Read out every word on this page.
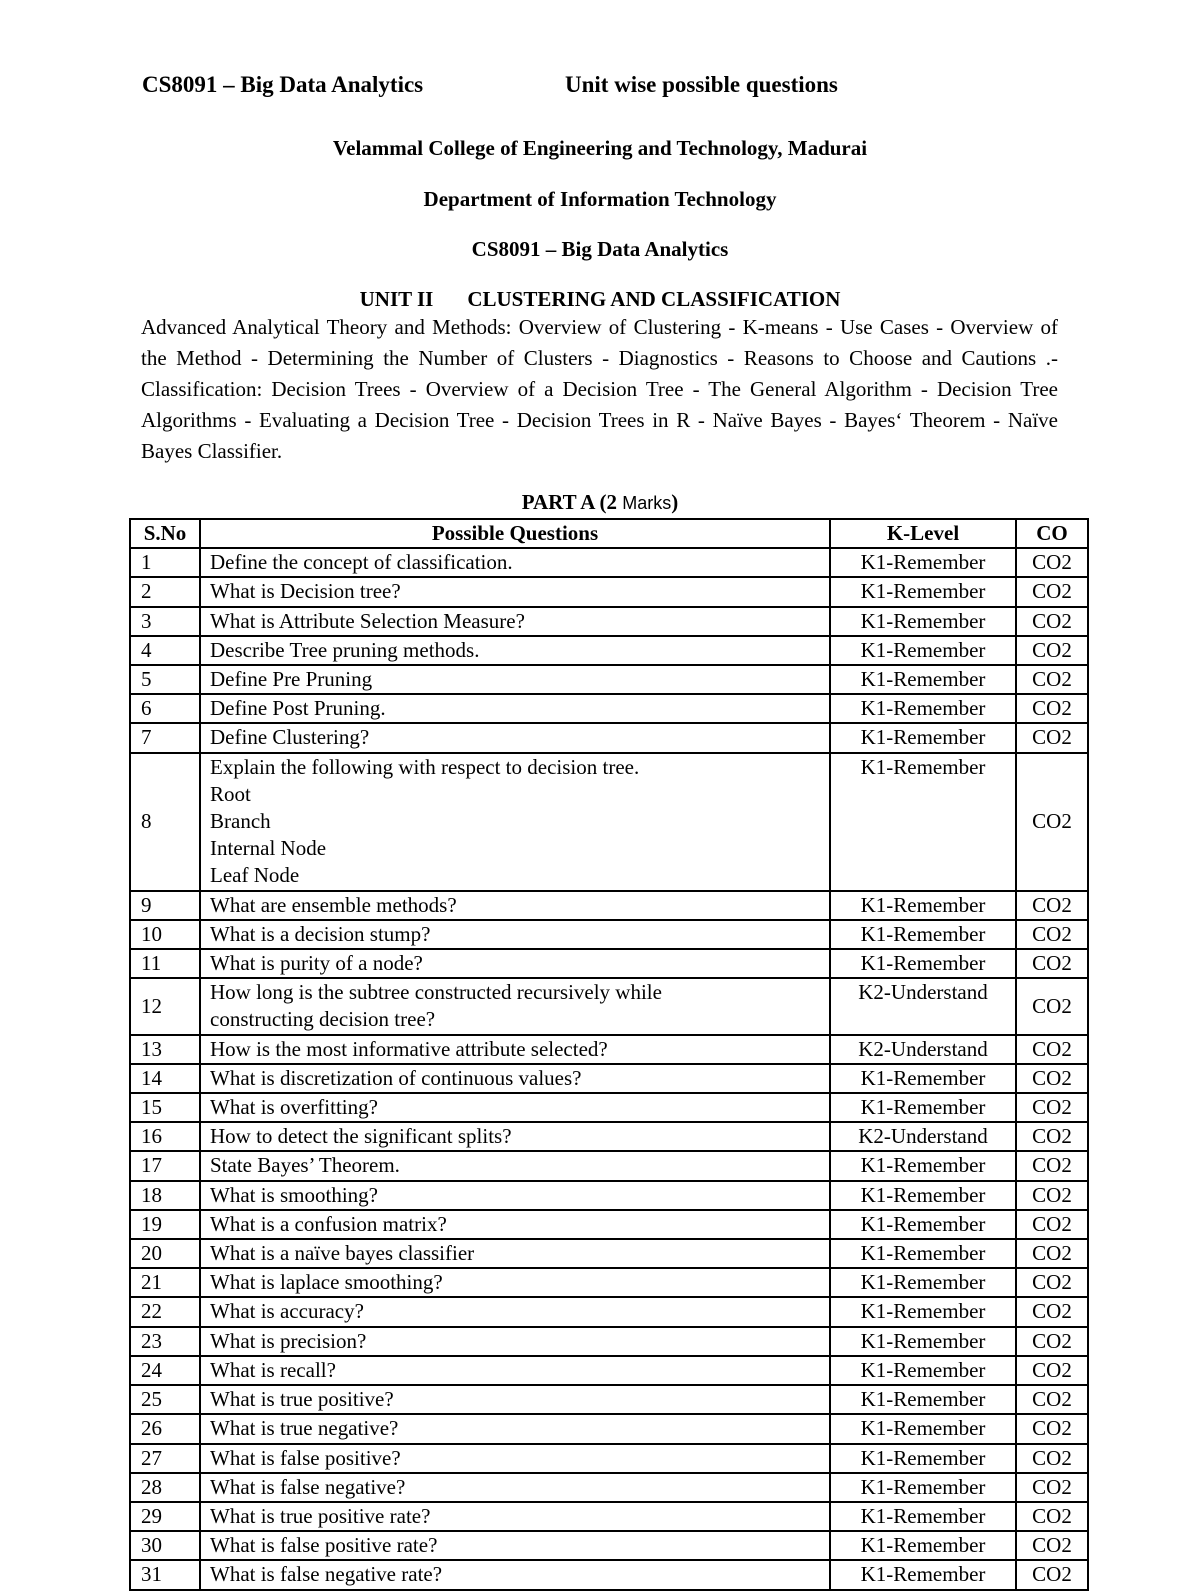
CS8091 – Big Data Analytics	Unit wise possible questions
Velammal College of Engineering and Technology, Madurai
Department of Information Technology
CS8091 – Big Data Analytics
UNIT II CLUSTERING AND CLASSIFICATION
Advanced Analytical Theory and Methods: Overview of Clustering - K-means - Use Cases - Overview of the Method - Determining the Number of Clusters - Diagnostics - Reasons to Choose and Cautions .- Classification: Decision Trees - Overview of a Decision Tree - The General Algorithm - Decision Tree Algorithms - Evaluating a Decision Tree - Decision Trees in R - Naïve Bayes - Bayes‘ Theorem - Naïve Bayes Classifier.
PART A (2 Marks)
S.No	Possible Questions	K-Level	CO
1	Define the concept of classification.	K1-Remember	CO2
2	What is Decision tree?	K1-Remember	CO2
3	What is Attribute Selection Measure?	K1-Remember	CO2
4	Describe Tree pruning methods.	K1-Remember	CO2
5	Define Pre Pruning	K1-Remember	CO2
6	Define Post Pruning.	K1-Remember	CO2
7	Define Clustering?	K1-Remember	CO2
8	Explain the following with respect to decision tree.
Root
Branch
Internal Node
Leaf Node	K1-Remember	CO2
9	What are ensemble methods?	K1-Remember	CO2
10	What is a decision stump?	K1-Remember	CO2
11	What is purity of a node?	K1-Remember	CO2
12	How long is the subtree constructed recursively while
constructing decision tree?	K2-Understand	CO2
13	How is the most informative attribute selected?	K2-Understand	CO2
14	What is discretization of continuous values?	K1-Remember	CO2
15	What is overfitting?	K1-Remember	CO2
16	How to detect the significant splits?	K2-Understand	CO2
17	State Bayes’ Theorem.	K1-Remember	CO2
18	What is smoothing?	K1-Remember	CO2
19	What is a confusion matrix?	K1-Remember	CO2
20	What is a naïve bayes classifier	K1-Remember	CO2
21	What is laplace smoothing?	K1-Remember	CO2
22	What is accuracy?	K1-Remember	CO2
23	What is precision?	K1-Remember	CO2
24	What is recall?	K1-Remember	CO2
25	What is true positive?	K1-Remember	CO2
26	What is true negative?	K1-Remember	CO2
27	What is false positive?	K1-Remember	CO2
28	What is false negative?	K1-Remember	CO2
29	What is true positive rate?	K1-Remember	CO2
30	What is false positive rate?	K1-Remember	CO2
31	What is false negative rate?	K1-Remember	CO2
